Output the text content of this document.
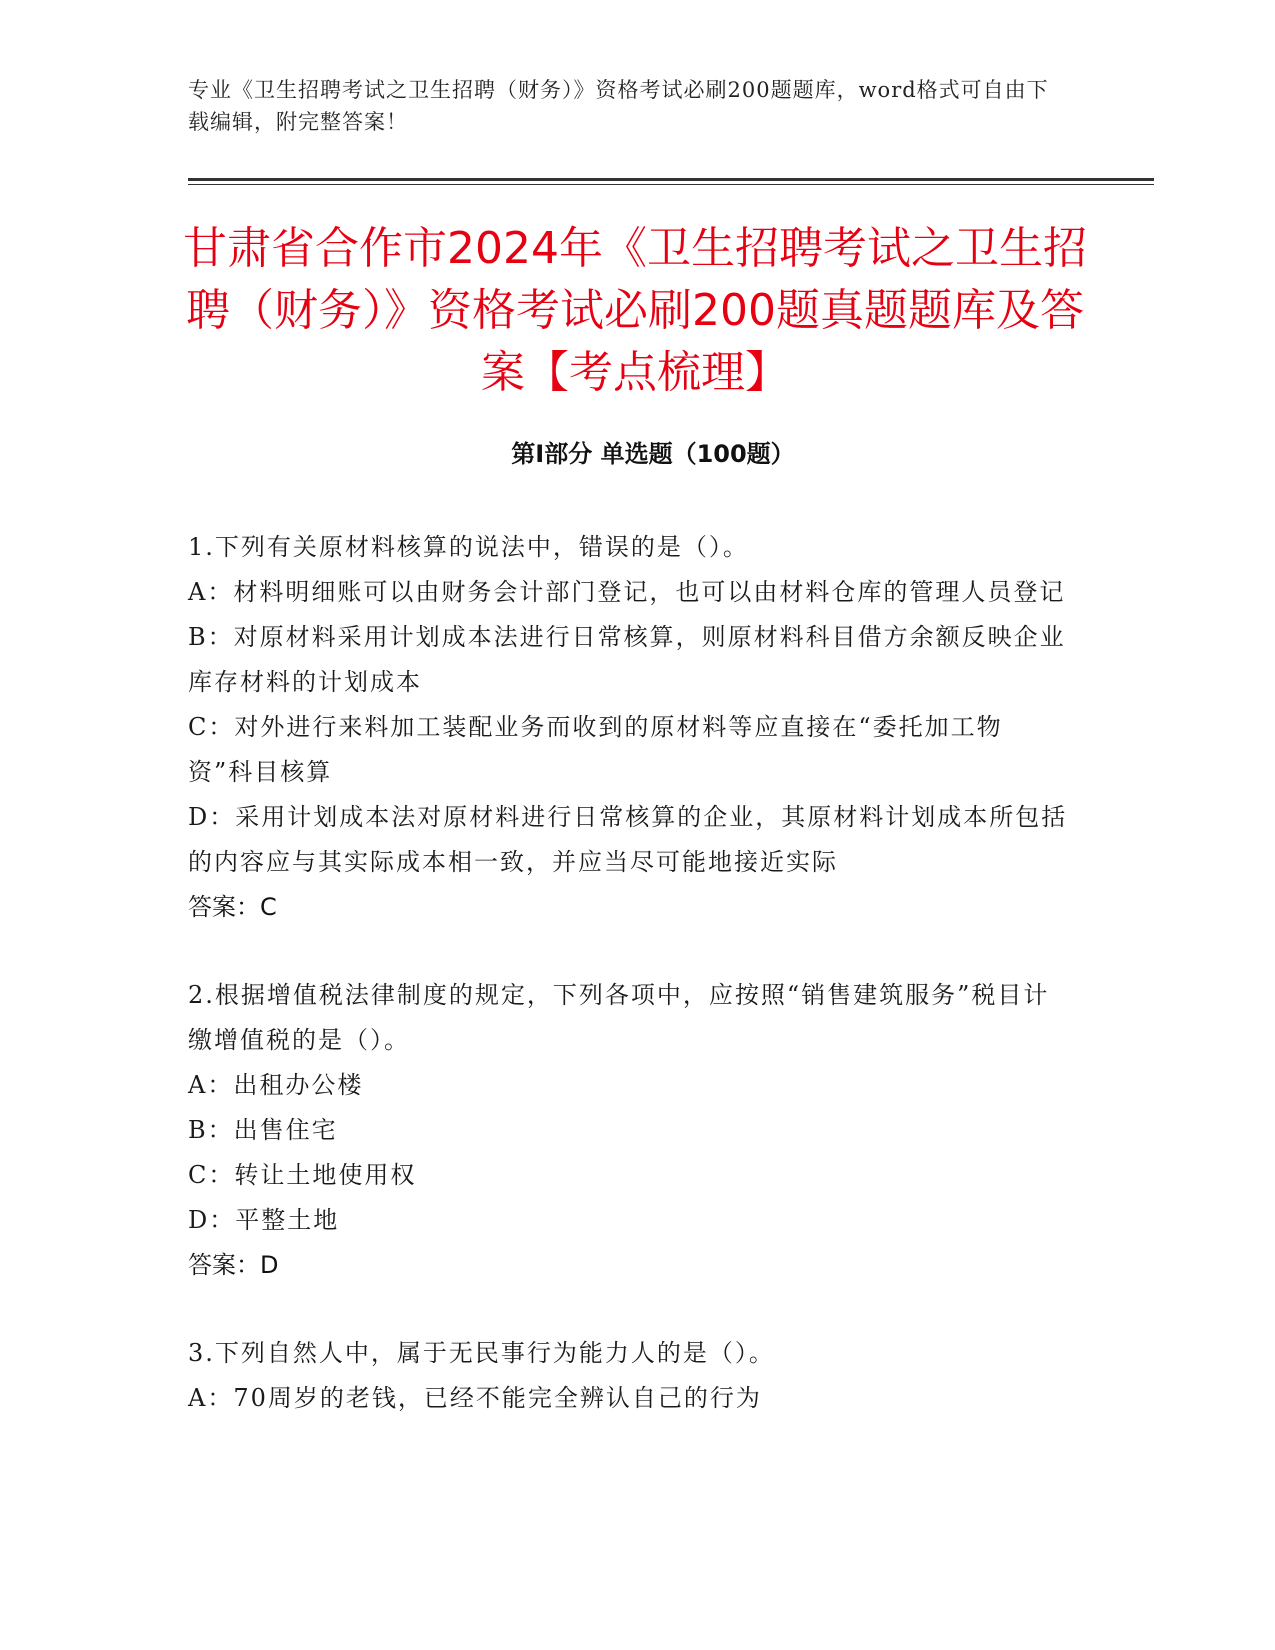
专业《卫生招聘考试之卫生招聘（财务）》资格考试必刷200题题库，word格式可自由下载编辑，附完整答案！
甘肃省合作市2024年《卫生招聘考试之卫生招聘（财务）》资格考试必刷200题真题题库及答案【考点梳理】
第Ⅰ部分 单选题（100题）
1.下列有关原材料核算的说法中，错误的是（）。
A：材料明细账可以由财务会计部门登记，也可以由材料仓库的管理人员登记
B：对原材料采用计划成本法进行日常核算，则原材料科目借方余额反映企业库存材料的计划成本
C：对外进行来料加工装配业务而收到的原材料等应直接在“委托加工物资”科目核算
D：采用计划成本法对原材料进行日常核算的企业，其原材料计划成本所包括的内容应与其实际成本相一致，并应当尽可能地接近实际
答案：C
2.根据增值税法律制度的规定，下列各项中，应按照“销售建筑服务”税目计缴增值税的是（）。
A：出租办公楼
B：出售住宅
C：转让土地使用权
D：平整土地
答案：D
3.下列自然人中，属于无民事行为能力人的是（）。
A：70周岁的老钱，已经不能完全辨认自己的行为
